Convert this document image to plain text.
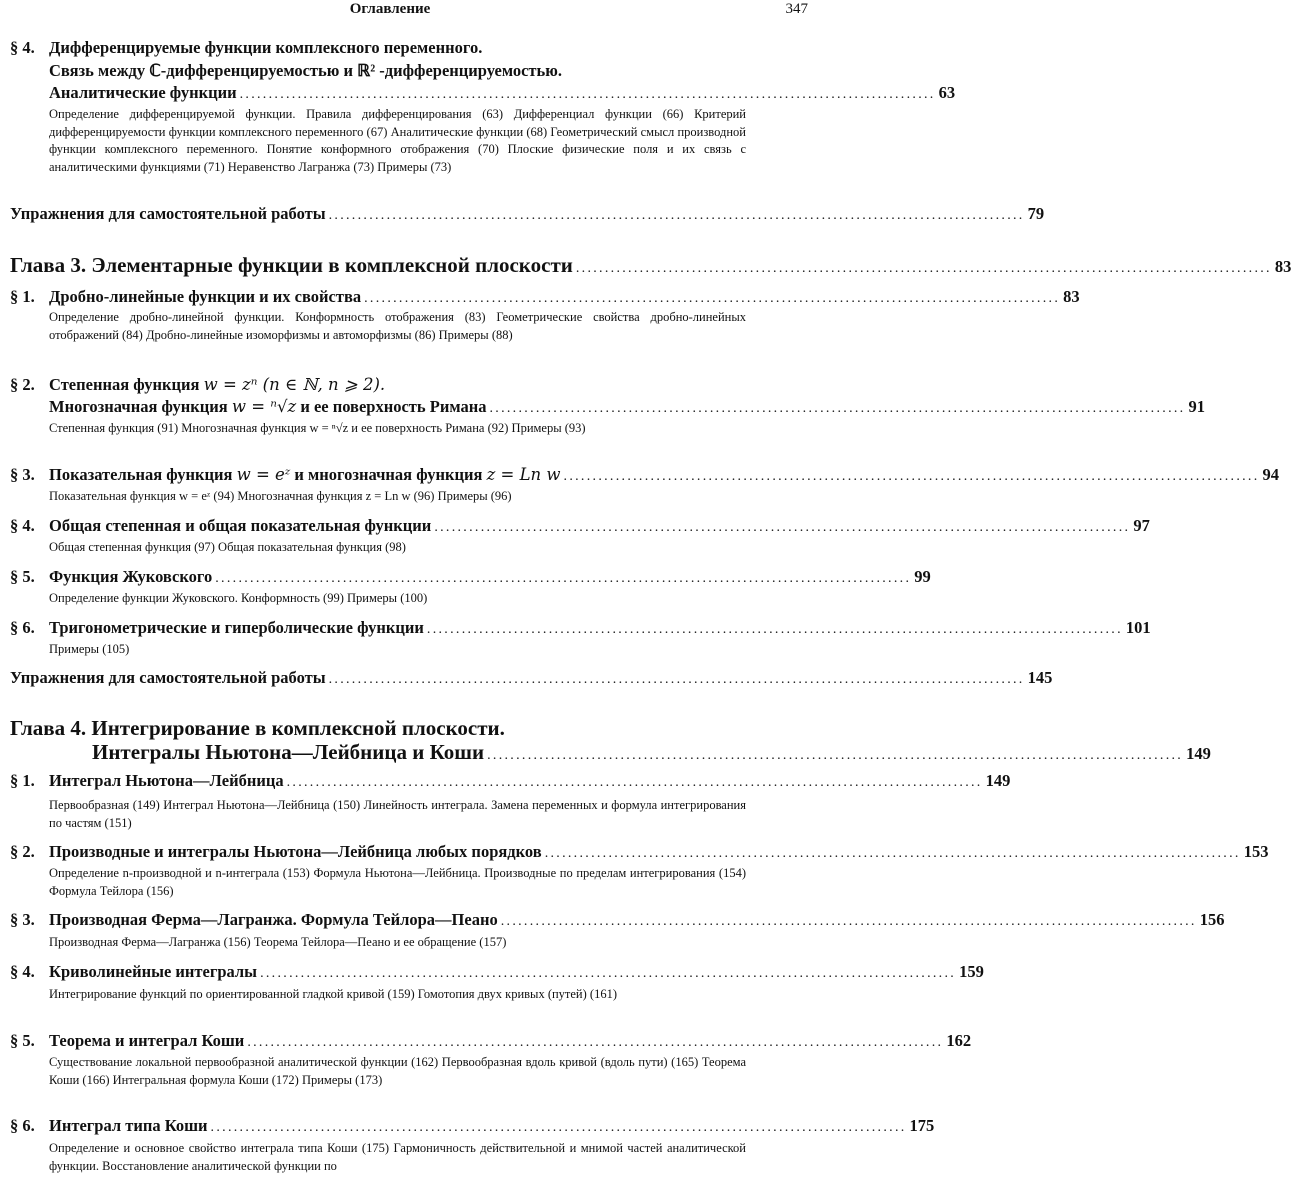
Оглавление	347
§ 4. Дифференцируемые функции комплексного переменного.
Связь между ℂ-дифференцируемостью и ℝ² -дифференцируемостью.
Аналитические функции ........................................................................................................................ 63
Определение дифференцируемой функции. Правила дифференцирования (63) Дифференциал функции (66) Критерий дифференцируемости функции комплексного переменного (67) Аналитические функции (68) Геометрический смысл производной функции комплексного переменного. Понятие конформного отображения (70) Плоские физические поля и их связь с аналитическими функциями (71) Неравенство Лагранжа (73) Примеры (73)
Упражнения для самостоятельной работы ........................................................................................................................ 79
Глава 3. Элементарные функции в комплексной плоскости ........................................................................................................................ 83
§ 1. Дробно-линейные функции и их свойства ........................................................................................................................ 83
Определение дробно-линейной функции. Конформность отображения (83) Геометрические свойства дробно-линейных отображений (84) Дробно-линейные изоморфизмы и автоморфизмы (86) Примеры (88)
§ 2. Степенная функция w = zⁿ (n ∈ ℕ, n ⩾ 2).
Многозначная функция w = ⁿ√z и ее поверхность Римана ........................................................................................................................ 91
Степенная функция (91) Многозначная функция w = ⁿ√z и ее поверхность Римана (92) Примеры (93)
§ 3. Показательная функция w = eᶻ и многозначная функция z = Ln w ........................................................................................................................ 94
Показательная функция w = eᶻ (94) Многозначная функция z = Ln w (96) Примеры (96)
§ 4. Общая степенная и общая показательная функции ........................................................................................................................ 97
Общая степенная функция (97) Общая показательная функция (98)
§ 5. Функция Жуковского ........................................................................................................................ 99
Определение функции Жуковского. Конформность (99) Примеры (100)
§ 6. Тригонометрические и гиперболические функции ........................................................................................................................ 101
Примеры (105)
Упражнения для самостоятельной работы ........................................................................................................................ 145
Глава 4. Интегрирование в комплексной плоскости.
Интегралы Ньютона—Лейбница и Коши ........................................................................................................................ 149
§ 1. Интеграл Ньютона—Лейбница ........................................................................................................................ 149
Первообразная (149) Интеграл Ньютона—Лейбница (150) Линейность интеграла. Замена переменных и формула интегрирования по частям (151)
§ 2. Производные и интегралы Ньютона—Лейбница любых порядков ........................................................................................................................ 153
Определение n-производной и n-интеграла (153) Формула Ньютона—Лейбница. Производные по пределам интегрирования (154) Формула Тейлора (156)
§ 3. Производная Ферма—Лагранжа. Формула Тейлора—Пеано ........................................................................................................................ 156
Производная Ферма—Лагранжа (156) Теорема Тейлора—Пеано и ее обращение (157)
§ 4. Криволинейные интегралы ........................................................................................................................ 159
Интегрирование функций по ориентированной гладкой кривой (159) Гомотопия двух кривых (путей) (161)
§ 5. Теорема и интеграл Коши ........................................................................................................................ 162
Существование локальной первообразной аналитической функции (162) Первообразная вдоль кривой (вдоль пути) (165) Теорема Коши (166) Интегральная формула Коши (172) Примеры (173)
§ 6. Интеграл типа Коши ........................................................................................................................ 175
Определение и основное свойство интеграла типа Коши (175) Гармоничность действительной и мнимой частей аналитической функции. Восстановление аналитической функции по
